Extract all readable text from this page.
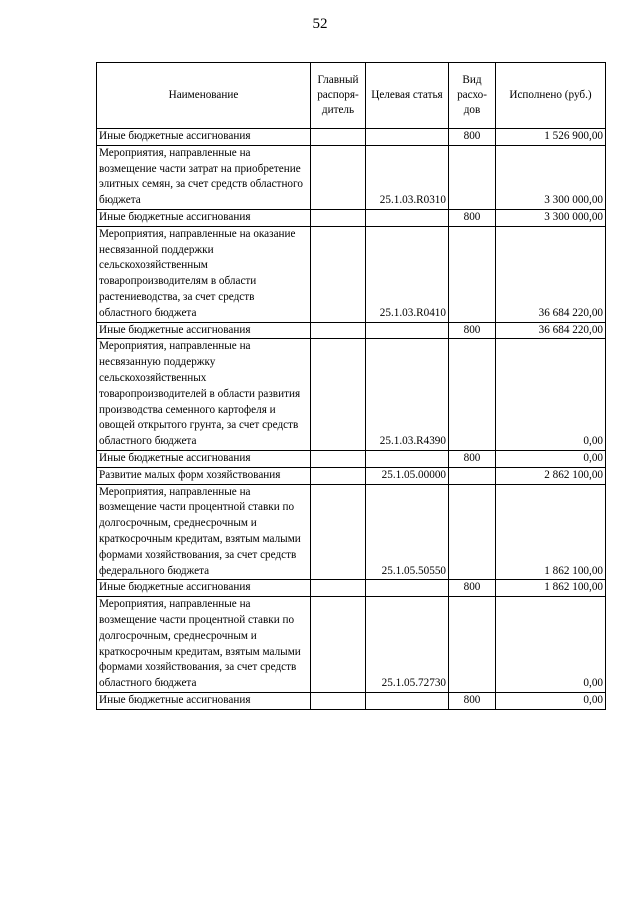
52
Наименование	Главный распоря-дитель	Целевая статья	Вид расхо-дов	Исполнено (руб.)
Иные бюджетные ассигнования			800	1 526 900,00
Мероприятия, направленные на возмещение части затрат на приобретение элитных семян, за счет средств областного бюджета		25.1.03.R0310		3 300 000,00
Иные бюджетные ассигнования			800	3 300 000,00
Мероприятия, направленные на оказание несвязанной поддержки сельскохозяйственным товаропроизводителям в области растениеводства, за счет средств областного бюджета		25.1.03.R0410		36 684 220,00
Иные бюджетные ассигнования			800	36 684 220,00
Мероприятия, направленные на несвязанную поддержку сельскохозяйственных товаропроизводителей в области развития производства семенного картофеля и овощей открытого грунта, за счет средств областного бюджета		25.1.03.R4390		0,00
Иные бюджетные ассигнования			800	0,00
Развитие малых форм хозяйствования		25.1.05.00000		2 862 100,00
Мероприятия, направленные на возмещение части процентной ставки по долгосрочным, среднесрочным и краткосрочным кредитам, взятым малыми формами хозяйствования, за счет средств федерального бюджета		25.1.05.50550		1 862 100,00
Иные бюджетные ассигнования			800	1 862 100,00
Мероприятия, направленные на возмещение части процентной ставки по долгосрочным, среднесрочным и краткосрочным кредитам, взятым малыми формами хозяйствования, за счет средств областного бюджета		25.1.05.72730		0,00
Иные бюджетные ассигнования			800	0,00
